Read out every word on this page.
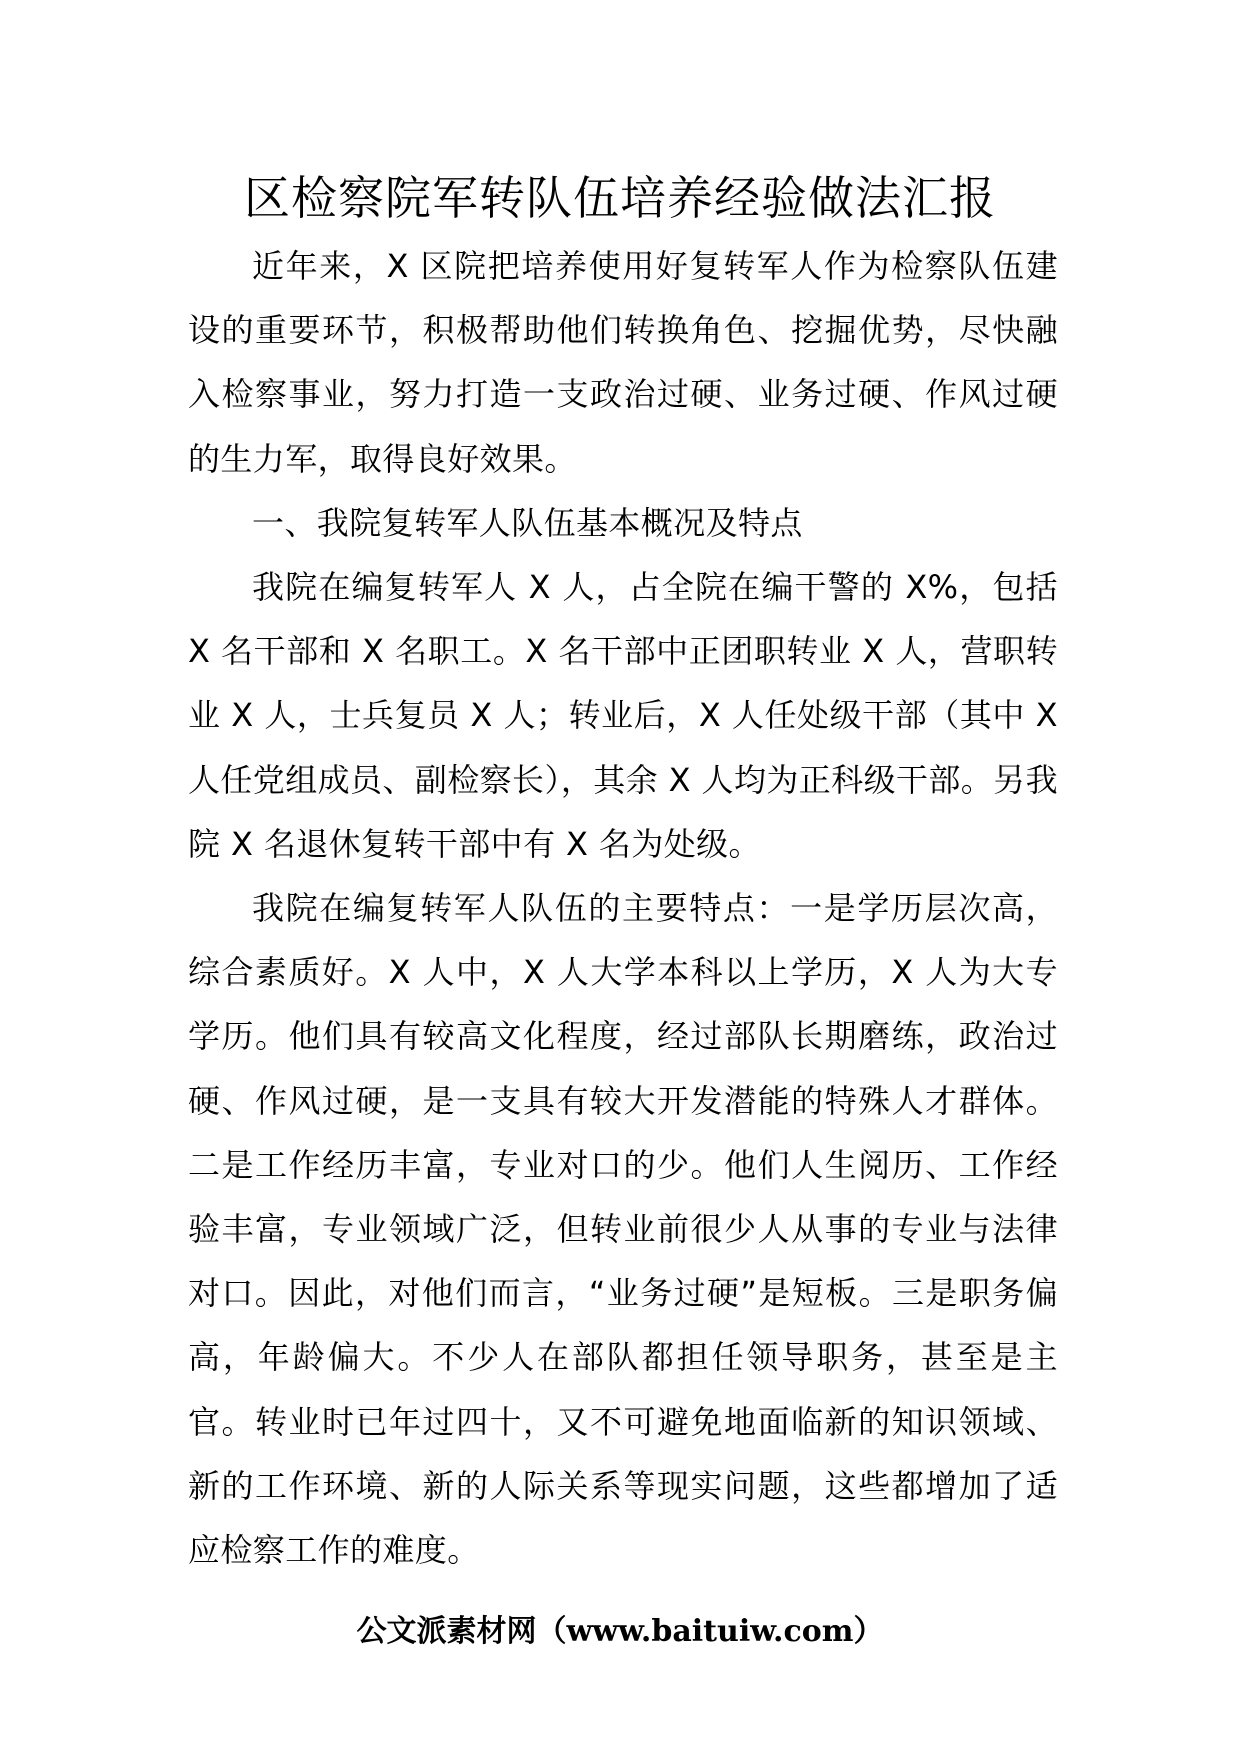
区检察院军转队伍培养经验做法汇报

近年来，X 区院把培养使用好复转军人作为检察队伍建设的重要环节，积极帮助他们转换角色、挖掘优势，尽快融入检察事业，努力打造一支政治过硬、业务过硬、作风过硬的生力军，取得良好效果。

一、我院复转军人队伍基本概况及特点

我院在编复转军人 X 人，占全院在编干警的 X%，包括 X 名干部和 X 名职工。X 名干部中正团职转业 X 人，营职转业 X 人，士兵复员 X 人；转业后，X 人任处级干部（其中 X 人任党组成员、副检察长），其余 X 人均为正科级干部。另我院 X 名退休复转干部中有 X 名为处级。

我院在编复转军人队伍的主要特点：一是学历层次高，综合素质好。X 人中，X 人大学本科以上学历，X 人为大专学历。他们具有较高文化程度，经过部队长期磨练，政治过硬、作风过硬，是一支具有较大开发潜能的特殊人才群体。二是工作经历丰富，专业对口的少。他们人生阅历、工作经验丰富，专业领域广泛，但转业前很少人从事的专业与法律对口。因此，对他们而言，“业务过硬”是短板。三是职务偏高，年龄偏大。不少人在部队都担任领导职务，甚至是主官。转业时已年过四十，又不可避免地面临新的知识领域、新的工作环境、新的人际关系等现实问题，这些都增加了适应检察工作的难度。

公文派素材网（www.baituiw.com）
